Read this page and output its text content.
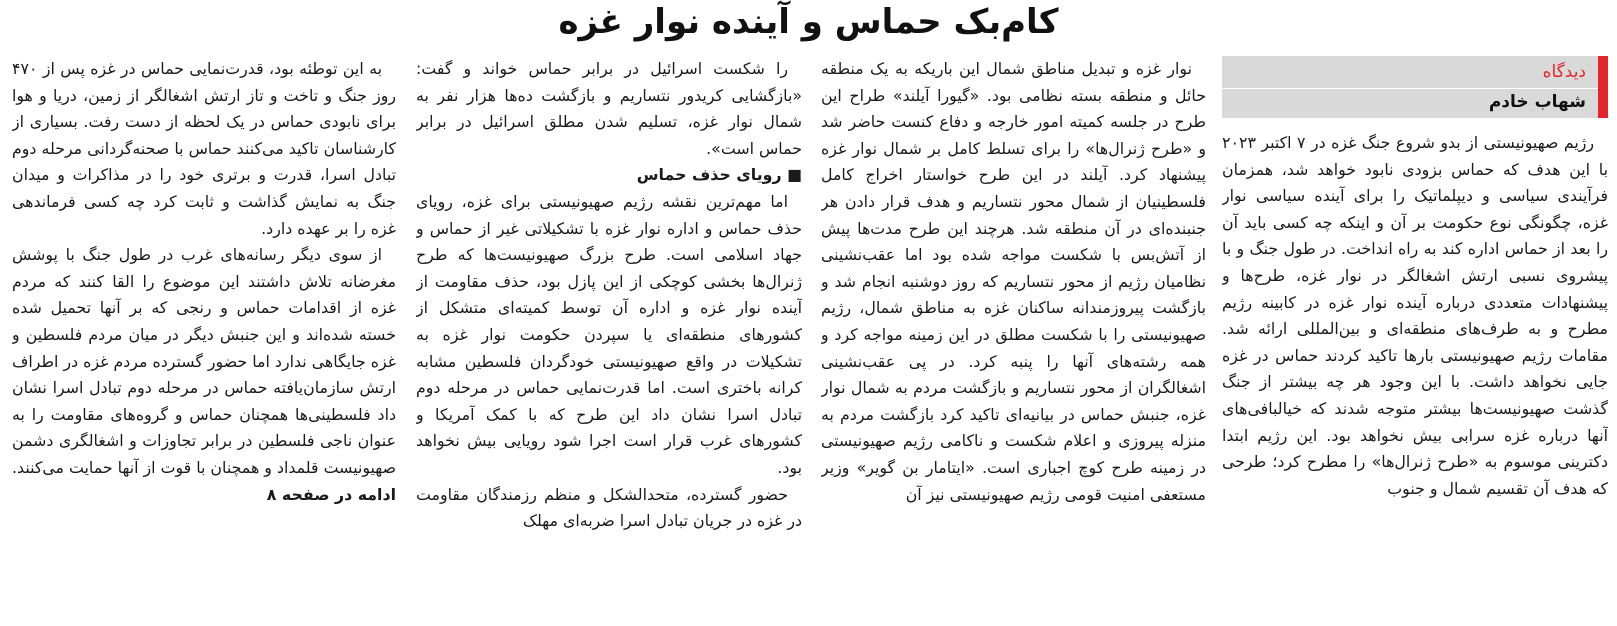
کام‌بک حماس و آینده نوار غزه
دیدگاه
شهاب خادم

رژیم صهیونیستی از بدو شروع جنگ غزه در ۷ اکتبر ۲۰۲۳ با این هدف که حماس بزودی نابود خواهد شد، همزمان فرآیندی سیاسی و دیپلماتیک را برای آینده سیاسی نوار غزه، چگونگی نوع حکومت بر آن و اینکه چه کسی باید آن را بعد از حماس اداره کند به راه انداخت. در طول جنگ و با پیشروی نسبی ارتش اشغالگر در نوار غزه، طرح‌ها و پیشنهادات متعددی درباره آینده نوار غزه در کابینه رژیم مطرح و به طرف‌های منطقه‌ای و بین‌المللی ارائه شد. مقامات رژیم صهیونیستی بارها تاکید کردند حماس در غزه جایی نخواهد داشت. با این وجود هر چه بیشتر از جنگ گذشت صهیونیست‌ها بیشتر متوجه شدند که خیالبافی‌های آنها درباره غزه سرابی بیش نخواهد بود. این رژیم ابتدا دکترینی موسوم به «طرح ژنرال‌ها» را مطرح کرد؛ طرحی که هدف آن تقسیم شمال و جنوب

نوار غزه و تبدیل مناطق شمال این باریکه به یک منطقه حائل و منطقه بسته نظامی بود. «گیورا آیلند» طراح این طرح در جلسه کمیته امور خارجه و دفاع کنست حاضر شد و «طرح ژنرال‌ها» را برای تسلط کامل بر شمال نوار غزه پیشنهاد کرد. آیلند در این طرح خواستار اخراج کامل فلسطینیان از شمال محور نتساریم و هدف قرار دادن هر جنبنده‌ای در آن منطقه شد. هرچند این طرح مدت‌ها پیش از آتش‌بس با شکست مواجه شده بود اما عقب‌نشینی نظامیان رژیم از محور نتساریم که روز دوشنبه انجام شد و بازگشت پیروزمندانه ساکنان غزه به مناطق شمال، رژیم صهیونیستی را با شکست مطلق در این زمینه مواجه کرد و همه رشته‌های آنها را پنبه کرد. در پی عقب‌نشینی اشغالگران از محور نتساریم و بازگشت مردم به شمال نوار غزه، جنبش حماس در بیانیه‌ای تاکید کرد بازگشت مردم به منزله پیروزی و اعلام شکست و ناکامی رژیم صهیونیستی در زمینه طرح کوچ اجباری است. «ایتامار بن گویر» وزیر مستعفی امنیت قومی رژیم صهیونیستی نیز آن

را شکست اسرائیل در برابر حماس خواند و گفت: «بازگشایی کریدور نتساریم و بازگشت ده‌ها هزار نفر به شمال نوار غزه، تسلیم شدن مطلق اسرائیل در برابر حماس است».

■ رویای حذف حماس

اما مهم‌ترین نقشه رژیم صهیونیستی برای غزه، رویای حذف حماس و اداره نوار غزه با تشکیلاتی غیر از حماس و جهاد اسلامی است. طرح بزرگ صهیونیست‌ها که طرح ژنرال‌ها بخشی کوچکی از این پازل بود، حذف مقاومت از آینده نوار غزه و اداره آن توسط کمیته‌ای متشکل از کشورهای منطقه‌ای یا سپردن حکومت نوار غزه به تشکیلات در واقع صهیونیستی خودگردان فلسطین مشابه کرانه باختری است. اما قدرت‌نمایی حماس در مرحله دوم تبادل اسرا نشان داد این طرح که با کمک آمریکا و کشورهای غرب قرار است اجرا شود رویایی بیش نخواهد بود.

حضور گسترده، متحدالشکل و منظم رزمندگان مقاومت در غزه در جریان تبادل اسرا ضربه‌ای مهلک

به این توطئه بود، قدرت‌نمایی حماس در غزه پس از ۴۷۰ روز جنگ و تاخت و تاز ارتش اشغالگر از زمین، دریا و هوا برای نابودی حماس در یک لحظه از دست رفت. بسیاری از کارشناسان تاکید می‌کنند حماس با صحنه‌گردانی مرحله دوم تبادل اسرا، قدرت و برتری خود را در مذاکرات و میدان جنگ به نمایش گذاشت و ثابت کرد چه کسی فرماندهی غزه را بر عهده دارد.

از سوی دیگر رسانه‌های غرب در طول جنگ با پوشش مغرضانه تلاش داشتند این موضوع را القا کنند که مردم غزه از اقدامات حماس و رنجی که بر آنها تحمیل شده خسته شده‌اند و این جنبش دیگر در میان مردم فلسطین و غزه جایگاهی ندارد اما حضور گسترده مردم غزه در اطراف ارتش سازمان‌یافته حماس در مرحله دوم تبادل اسرا نشان داد فلسطینی‌ها همچنان حماس و گروه‌های مقاومت را به عنوان ناجی فلسطین در برابر تجاوزات و اشغالگری دشمن صهیونیست قلمداد و همچنان با قوت از آنها حمایت می‌کنند.

ادامه در صفحه ۸
